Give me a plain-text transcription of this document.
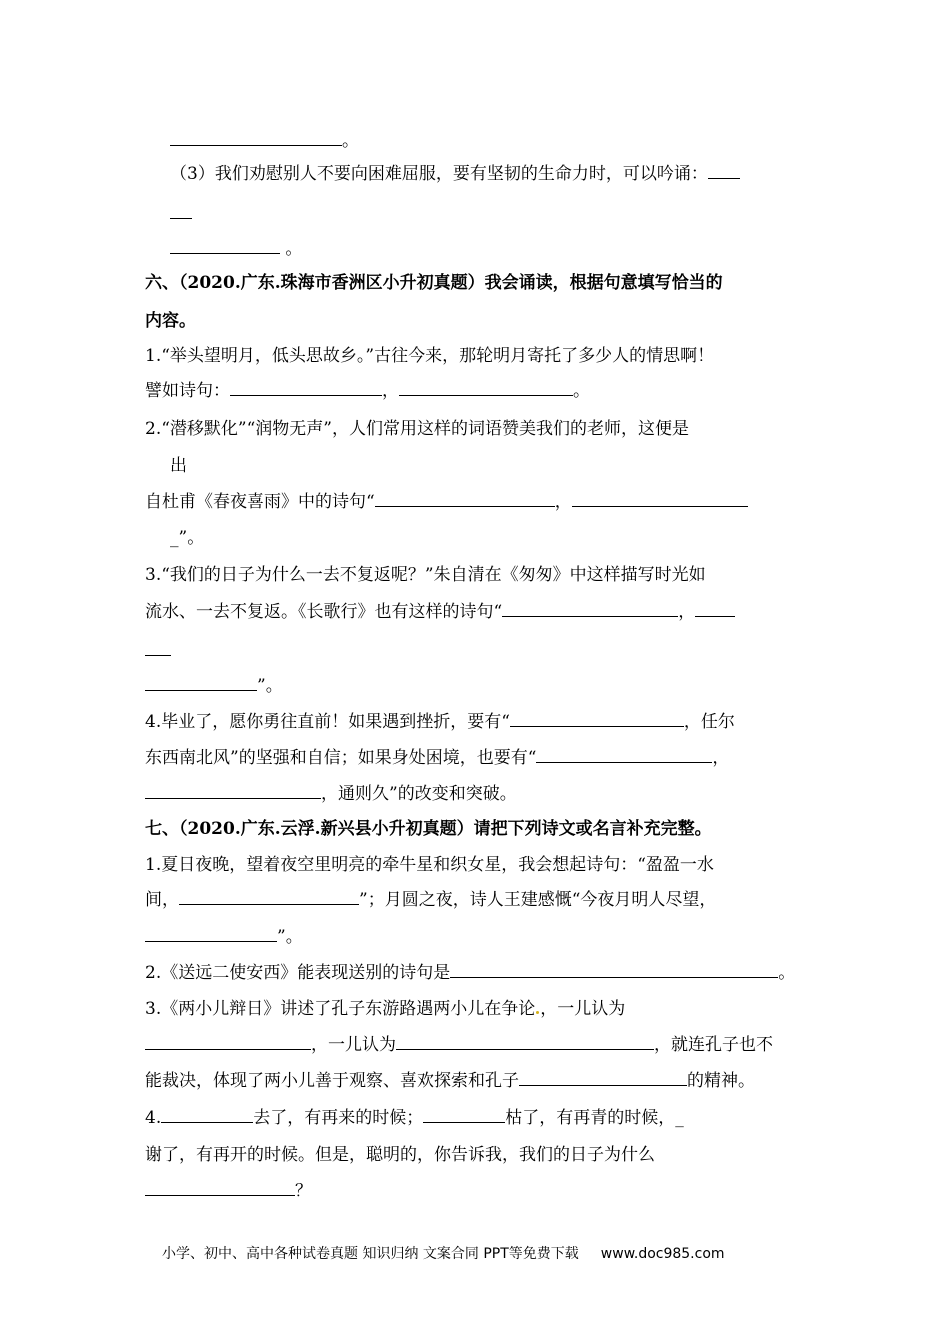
。
（3）我们劝慰别人不要向困难屈服，要有坚韧的生命力时，可以吟诵：
。
六、（2020.广东.珠海市香洲区小升初真题）我会诵读，根据句意填写恰当的
内容。
1.“举头望明月，低头思故乡。”古往今来，那轮明月寄托了多少人的情思啊！
譬如诗句：	，	。
2.“潜移默化”“润物无声”，人们常用这样的词语赞美我们的老师，这便是
出
自杜甫《春夜喜雨》中的诗句“	，
_”。
3.“我们的日子为什么一去不复返呢？”朱自清在《匆匆》中这样描写时光如
流水、一去不复返。《长歌行》也有这样的诗句“	，
”。
4.毕业了，愿你勇往直前！如果遇到挫折，要有“	，任尔
东西南北风”的坚强和自信；如果身处困境，也要有“	，
，通则久”的改变和突破。
七、（2020.广东.云浮.新兴县小升初真题）请把下列诗文或名言补充完整。
1.夏日夜晚，望着夜空里明亮的牵牛星和织女星，我会想起诗句：“盈盈一水
间，	”；月圆之夜，诗人王建感慨“今夜月明人尽望，
”。
2.《送远二使安西》能表现送别的诗句是	。
3.《两小儿辩日》讲述了孔子东游路遇两小儿在争论 ，一儿认为
，一儿认为	，就连孔子也不
能裁决，体现了两小儿善于观察、喜欢探索和孔子	的精神。
4.	去了，有再来的时候；	枯了，有再青的时候，_
谢了，有再开的时候。但是，聪明的，你告诉我，我们的日子为什么
？
小学、初中、高中各种试卷真题 知识归纳 文案合同 PPT等免费下载 www.doc985.com
